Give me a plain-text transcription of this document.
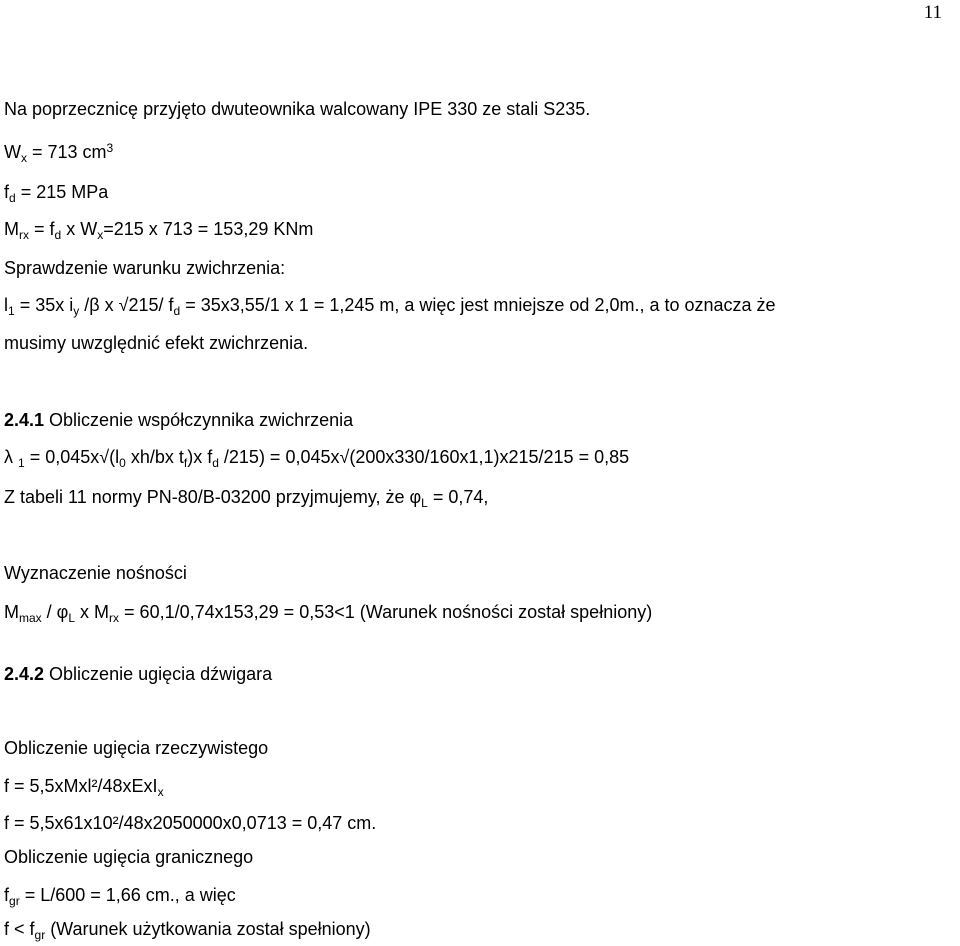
11
Na poprzecznicę przyjęto dwuteownika walcowany IPE 330 ze stali S235.
$W_x = 713$ $cm^3$
$f_d = 215$ MPa
$M_{rx} = f_d$ x $W_x=215$ x 713 = 153,29 KNm
Sprawdzenie warunku zwichrzenia:
$l_1 = 35x$ $i_y$ /β x √215/ $f_d = 35x3,55/1$ x 1 = 1,245 m, a więc jest mniejsze od 2,0m., a to oznacza że
musimy uwzględnić efekt zwichrzenia.
2.4.1 Obliczenie współczynnika zwichrzenia
λ $_1 = 0,045x√(l_0$ xh/bx $t_f)x$ $f_d$ /215) = 0,045x√(200x330/160x1,1)x215/215 = 0,85
Z tabeli 11 normy PN-80/B-03200 przyjmujemy, że $\varphi_L = 0,74$,
Wyznaczenie nośności
$M_{max} / \varphi_L$ x $M_{rx} = 60,1/0,74x153,29 = 0,53<1$ (Warunek nośności został spełniony)
2.4.2 Obliczenie ugięcia dźwigara
Obliczenie ugięcia rzeczywistego
f = 5,5xMxl²/48xExI$_x$
f = 5,5x61x10²/48x2050000x0,0713 = 0,47 cm.
Obliczenie ugięcia granicznego
$f_{gr} = L/600 = 1,66$ cm., a więc
$f < f_{gr}$ (Warunek użytkowania został spełniony)
